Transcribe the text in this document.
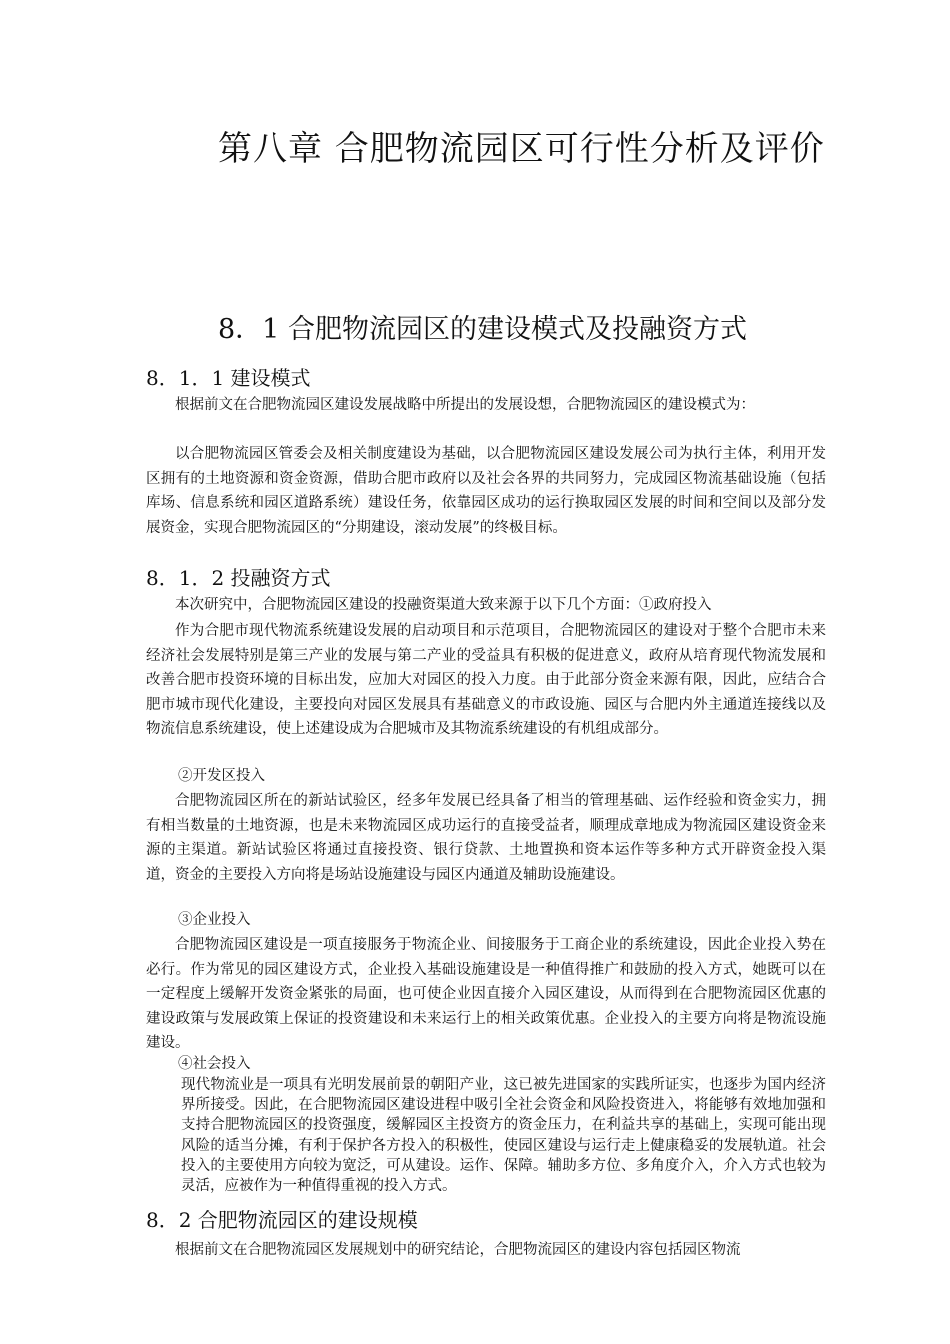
第八章 合肥物流园区可行性分析及评价
8．1 合肥物流园区的建设模式及投融资方式
8．1．1 建设模式

根据前文在合肥物流园区建设发展战略中所提出的发展设想，合肥物流园区的建设模式为：

以合肥物流园区管委会及相关制度建设为基础，以合肥物流园区建设发展公司为执行主体，利用开发区拥有的土地资源和资金资源，借助合肥市政府以及社会各界的共同努力，完成园区物流基础设施（包括库场、信息系统和园区道路系统）建设任务，依靠园区成功的运行换取园区发展的时间和空间以及部分发展资金，实现合肥物流园区的“分期建设，滚动发展”的终极目标。

8．1．2 投融资方式

本次研究中，合肥物流园区建设的投融资渠道大致来源于以下几个方面：①政府投入

作为合肥市现代物流系统建设发展的启动项目和示范项目，合肥物流园区的建设对于整个合肥市未来经济社会发展特别是第三产业的发展与第二产业的受益具有积极的促进意义，政府从培育现代物流发展和改善合肥市投资环境的目标出发，应加大对园区的投入力度。由于此部分资金来源有限，因此，应结合合肥市城市现代化建设，主要投向对园区发展具有基础意义的市政设施、园区与合肥内外主通道连接线以及物流信息系统建设，使上述建设成为合肥城市及其物流系统建设的有机组成部分。

②开发区投入

合肥物流园区所在的新站试验区，经多年发展已经具备了相当的管理基础、运作经验和资金实力，拥有相当数量的土地资源，也是未来物流园区成功运行的直接受益者，顺理成章地成为物流园区建设资金来源的主渠道。新站试验区将通过直接投资、银行贷款、土地置换和资本运作等多种方式开辟资金投入渠道，资金的主要投入方向将是场站设施建设与园区内通道及辅助设施建设。

③企业投入

合肥物流园区建设是一项直接服务于物流企业、间接服务于工商企业的系统建设，因此企业投入势在必行。作为常见的园区建设方式，企业投入基础设施建设是一种值得推广和鼓励的投入方式，她既可以在一定程度上缓解开发资金紧张的局面，也可使企业因直接介入园区建设，从而得到在合肥物流园区优惠的建设政策与发展政策上保证的投资建设和未来运行上的相关政策优惠。企业投入的主要方向将是物流设施建设。

④社会投入

现代物流业是一项具有光明发展前景的朝阳产业，这已被先进国家的实践所证实，也逐步为国内经济界所接受。因此，在合肥物流园区建设进程中吸引全社会资金和风险投资进入，将能够有效地加强和支持合肥物流园区的投资强度，缓解园区主投资方的资金压力，在利益共享的基础上，实现可能出现风险的适当分摊，有利于保护各方投入的积极性，使园区建设与运行走上健康稳妥的发展轨道。社会投入的主要使用方向较为宽泛，可从建设。运作、保障。辅助多方位、多角度介入，介入方式也较为灵活，应被作为一种值得重视的投入方式。

8．2 合肥物流园区的建设规模

根据前文在合肥物流园区发展规划中的研究结论，合肥物流园区的建设内容包括园区物流
